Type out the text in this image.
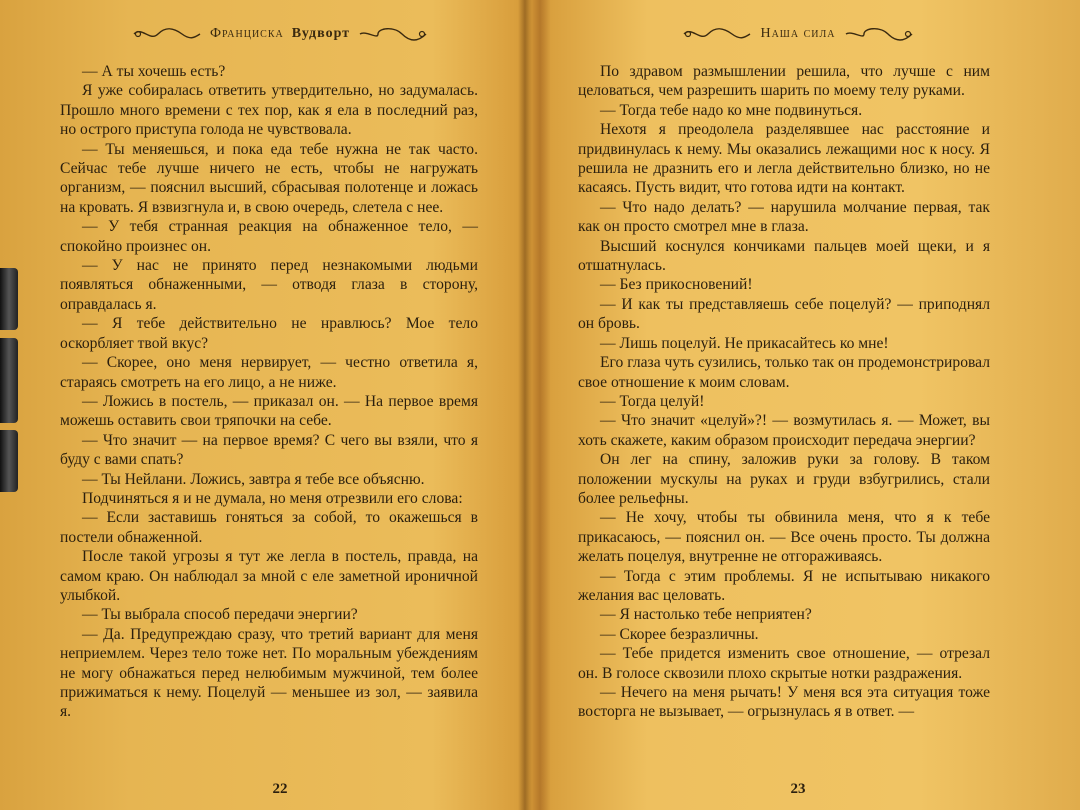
Франциска Вудворт

— А ты хочешь есть?

Я уже собиралась ответить утвердительно, но задумалась. Прошло много времени с тех пор, как я ела в последний раз, но острого приступа голода не чувствовала.

— Ты меняешься, и пока еда тебе нужна не так часто. Сейчас тебе лучше ничего не есть, чтобы не нагружать организм, — пояснил высший, сбрасывая полотенце и ложась на кровать. Я взвизгнула и, в свою очередь, слетела с нее.

— У тебя странная реакция на обнаженное тело, — спокойно произнес он.

— У нас не принято перед незнакомыми людьми появляться обнаженными, — отводя глаза в сторону, оправдалась я.

— Я тебе действительно не нравлюсь? Мое тело оскорбляет твой вкус?

— Скорее, оно меня нервирует, — честно ответила я, стараясь смотреть на его лицо, а не ниже.

— Ложись в постель, — приказал он. — На первое время можешь оставить свои тряпочки на себе.

— Что значит — на первое время? С чего вы взяли, что я буду с вами спать?

— Ты Нейлани. Ложись, завтра я тебе все объясню.

Подчиняться я и не думала, но меня отрезвили его слова:

— Если заставишь гоняться за собой, то окажешься в постели обнаженной.

После такой угрозы я тут же легла в постель, правда, на самом краю. Он наблюдал за мной с еле заметной ироничной улыбкой.

— Ты выбрала способ передачи энергии?

— Да. Предупреждаю сразу, что третий вариант для меня неприемлем. Через тело тоже нет. По моральным убеждениям не могу обнажаться перед нелюбимым мужчиной, тем более прижиматься к нему. Поцелуй — меньшее из зол, — заявила я.

22
Наша сила

По здравом размышлении решила, что лучше с ним целоваться, чем разрешить шарить по моему телу руками.

— Тогда тебе надо ко мне подвинуться.

Нехотя я преодолела разделявшее нас расстояние и придвинулась к нему. Мы оказались лежащими нос к носу. Я решила не дразнить его и легла действительно близко, но не касаясь. Пусть видит, что готова идти на контакт.

— Что надо делать? — нарушила молчание первая, так как он просто смотрел мне в глаза.

Высший коснулся кончиками пальцев моей щеки, и я отшатнулась.

— Без прикосновений!

— И как ты представляешь себе поцелуй? — приподнял он бровь.

— Лишь поцелуй. Не прикасайтесь ко мне!

Его глаза чуть сузились, только так он продемонстрировал свое отношение к моим словам.

— Тогда целуй!

— Что значит «целуй»?! — возмутилась я. — Может, вы хоть скажете, каким образом происходит передача энергии?

Он лег на спину, заложив руки за голову. В таком положении мускулы на руках и груди взбугрились, стали более рельефны.

— Не хочу, чтобы ты обвинила меня, что я к тебе прикасаюсь, — пояснил он. — Все очень просто. Ты должна желать поцелуя, внутренне не отгораживаясь.

— Тогда с этим проблемы. Я не испытываю никакого желания вас целовать.

— Я настолько тебе неприятен?

— Скорее безразличны.

— Тебе придется изменить свое отношение, — отрезал он. В голосе сквозили плохо скрытые нотки раздражения.

— Нечего на меня рычать! У меня вся эта ситуация тоже восторга не вызывает, — огрызнулась я в ответ. —

23
